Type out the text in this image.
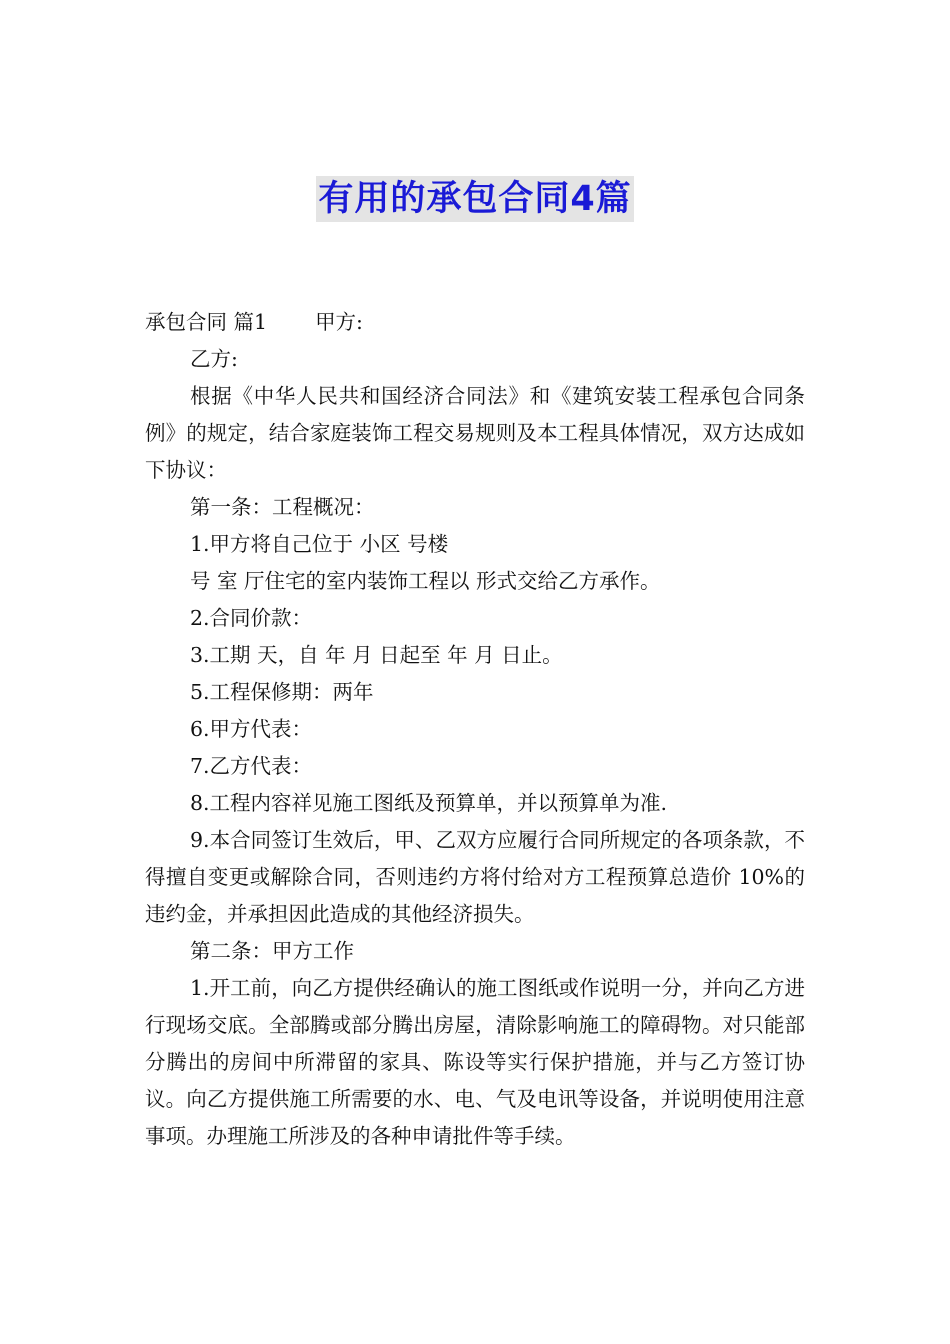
有用的承包合同4篇

承包合同 篇1 甲方:

乙方:

根据《中华人民共和国经济合同法》和《建筑安装工程承包合同条例》的规定，结合家庭装饰工程交易规则及本工程具体情况，双方达成如下协议：

第一条：工程概况：

1.甲方将自己位于 小区 号楼

号 室 厅住宅的室内装饰工程以 形式交给乙方承作。

2.合同价款：

3.工期 天，自 年 月 日起至 年 月 日止。

5.工程保修期：两年

6.甲方代表：

7.乙方代表：

8.工程内容祥见施工图纸及预算单，并以预算单为准.

9.本合同签订生效后，甲、乙双方应履行合同所规定的各项条款，不得擅自变更或解除合同，否则违约方将付给对方工程预算总造价 10%的违约金，并承担因此造成的其他经济损失。

第二条：甲方工作

1.开工前，向乙方提供经确认的施工图纸或作说明一分，并向乙方进行现场交底。全部腾或部分腾出房屋，清除影响施工的障碍物。对只能部分腾出的房间中所滞留的家具、陈设等实行保护措施，并与乙方签订协议。向乙方提供施工所需要的水、电、气及电讯等设备，并说明使用注意事项。办理施工所涉及的各种申请批件等手续。
